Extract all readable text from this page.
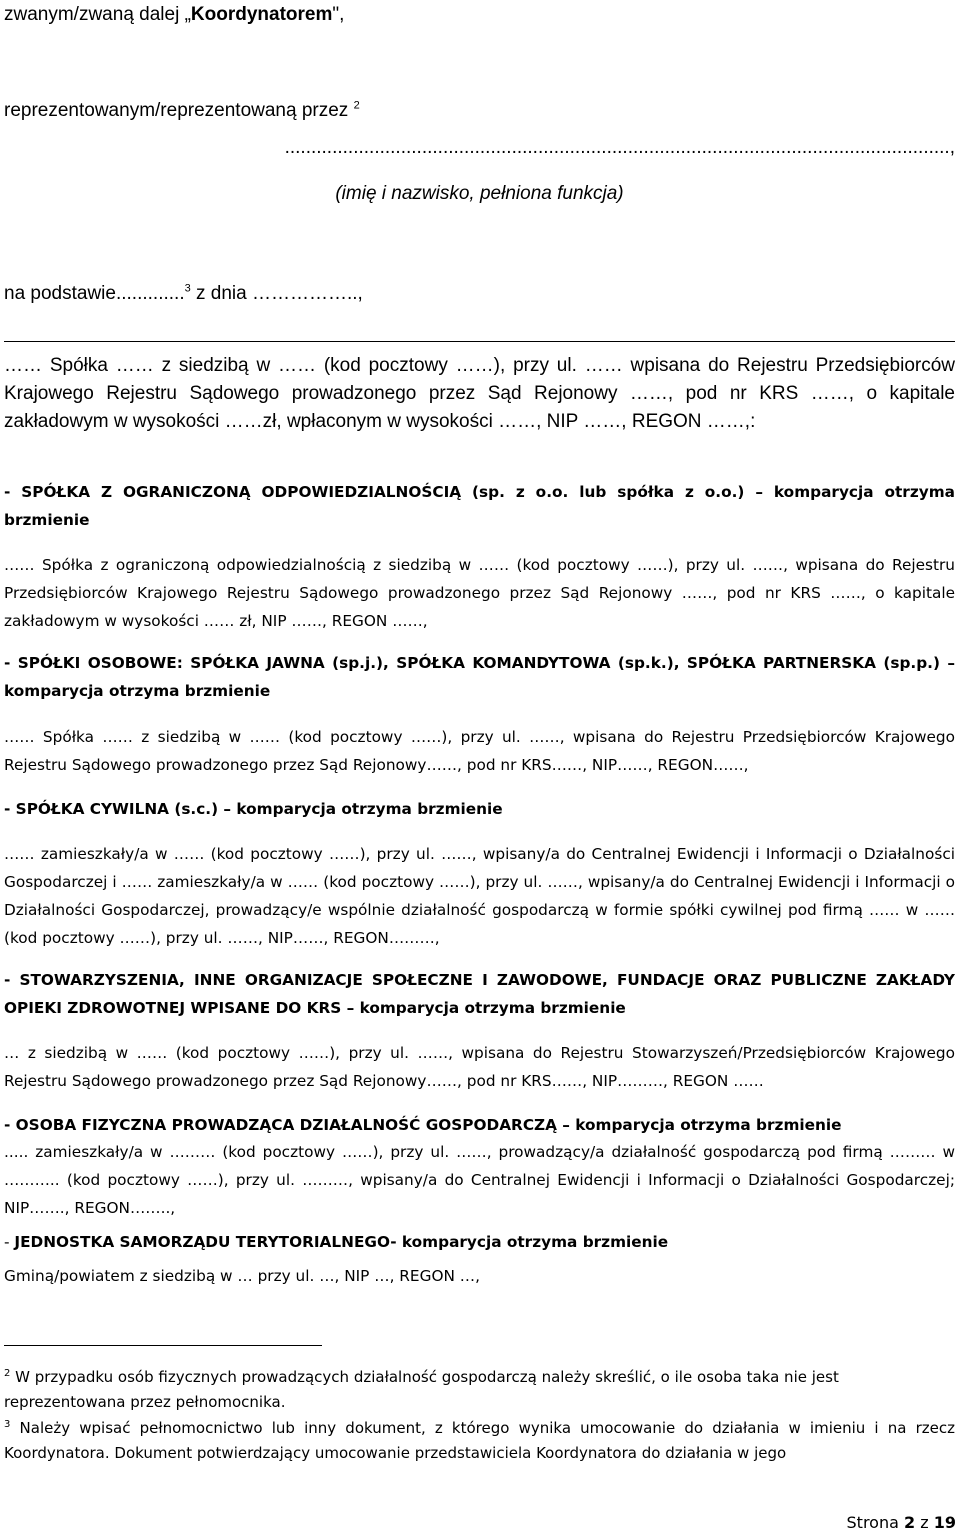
zwanym/zwaną dalej „Koordynatorem",

reprezentowanym/reprezentowaną przez $^2$

..............................................................................................................................,

(imię i nazwisko, pełniona funkcja)

na podstawie.............$^3$ z dnia ……………..,

…… Spółka …… z siedzibą w …… (kod pocztowy ……), przy ul. …… wpisana do Rejestru Przedsiębiorców Krajowego Rejestru Sądowego prowadzonego przez Sąd Rejonowy ……, pod nr KRS ……, o kapitale zakładowym w wysokości ……zł, wpłaconym w wysokości ……, NIP ……, REGON ……,:

- SPÓŁKA Z OGRANICZONĄ ODPOWIEDZIALNOŚCIĄ (sp. z o.o. lub spółka z o.o.) – komparycja otrzyma brzmienie

…… Spółka z ograniczoną odpowiedzialnością z siedzibą w …… (kod pocztowy ……), przy ul. ……, wpisana do Rejestru Przedsiębiorców Krajowego Rejestru Sądowego prowadzonego przez Sąd Rejonowy ……, pod nr KRS ……, o kapitale zakładowym w wysokości …… zł, NIP ……, REGON ……,

- SPÓŁKI OSOBOWE: SPÓŁKA JAWNA (sp.j.), SPÓŁKA KOMANDYTOWA (sp.k.), SPÓŁKA PARTNERSKA (sp.p.) – komparycja otrzyma brzmienie

…… Spółka …… z siedzibą w …… (kod pocztowy ……), przy ul. ……, wpisana do Rejestru Przedsiębiorców Krajowego Rejestru Sądowego prowadzonego przez Sąd Rejonowy……, pod nr KRS……, NIP……, REGON……,

- SPÓŁKA CYWILNA (s.c.) – komparycja otrzyma brzmienie

…… zamieszkały/a w …… (kod pocztowy ……), przy ul. ……, wpisany/a do Centralnej Ewidencji i Informacji o Działalności Gospodarczej i …… zamieszkały/a w …… (kod pocztowy ……), przy ul. ……, wpisany/a do Centralnej Ewidencji i Informacji o Działalności Gospodarczej, prowadzący/e wspólnie działalność gospodarczą w formie spółki cywilnej pod firmą …… w …… (kod pocztowy ……), przy ul. ……, NIP……, REGON………,

- STOWARZYSZENIA, INNE ORGANIZACJE SPOŁECZNE I ZAWODOWE, FUNDACJE ORAZ PUBLICZNE ZAKŁADY OPIEKI ZDROWOTNEJ WPISANE DO KRS – komparycja otrzyma brzmienie

… z siedzibą w …… (kod pocztowy ……), przy ul. ……, wpisana do Rejestru Stowarzyszeń/Przedsiębiorców Krajowego Rejestru Sądowego prowadzonego przez Sąd Rejonowy……, pod nr KRS……, NIP………, REGON ……

- OSOBA FIZYCZNA PROWADZĄCA DZIAŁALNOŚĆ GOSPODARCZĄ – komparycja otrzyma brzmienie

..... zamieszkały/a w ……… (kod pocztowy ……), przy ul. ……, prowadzący/a działalność gospodarczą pod firmą ……… w ……….. (kod pocztowy ……), przy ul. ………, wpisany/a do Centralnej Ewidencji i Informacji o Działalności Gospodarczej; NIP……., REGON……..,

- JEDNOSTKA SAMORZĄDU TERYTORIALNEGO- komparycja otrzyma brzmienie

Gminą/powiatem z siedzibą w … przy ul. …, NIP …, REGON …,

$^2$ W przypadku osób fizycznych prowadzących działalność gospodarczą należy skreślić, o ile osoba taka nie jest reprezentowana przez pełnomocnika.

$^3$ Należy wpisać pełnomocnictwo lub inny dokument, z którego wynika umocowanie do działania w imieniu i na rzecz Koordynatora. Dokument potwierdzający umocowanie przedstawiciela Koordynatora do działania w jego

Strona 2 z 19
